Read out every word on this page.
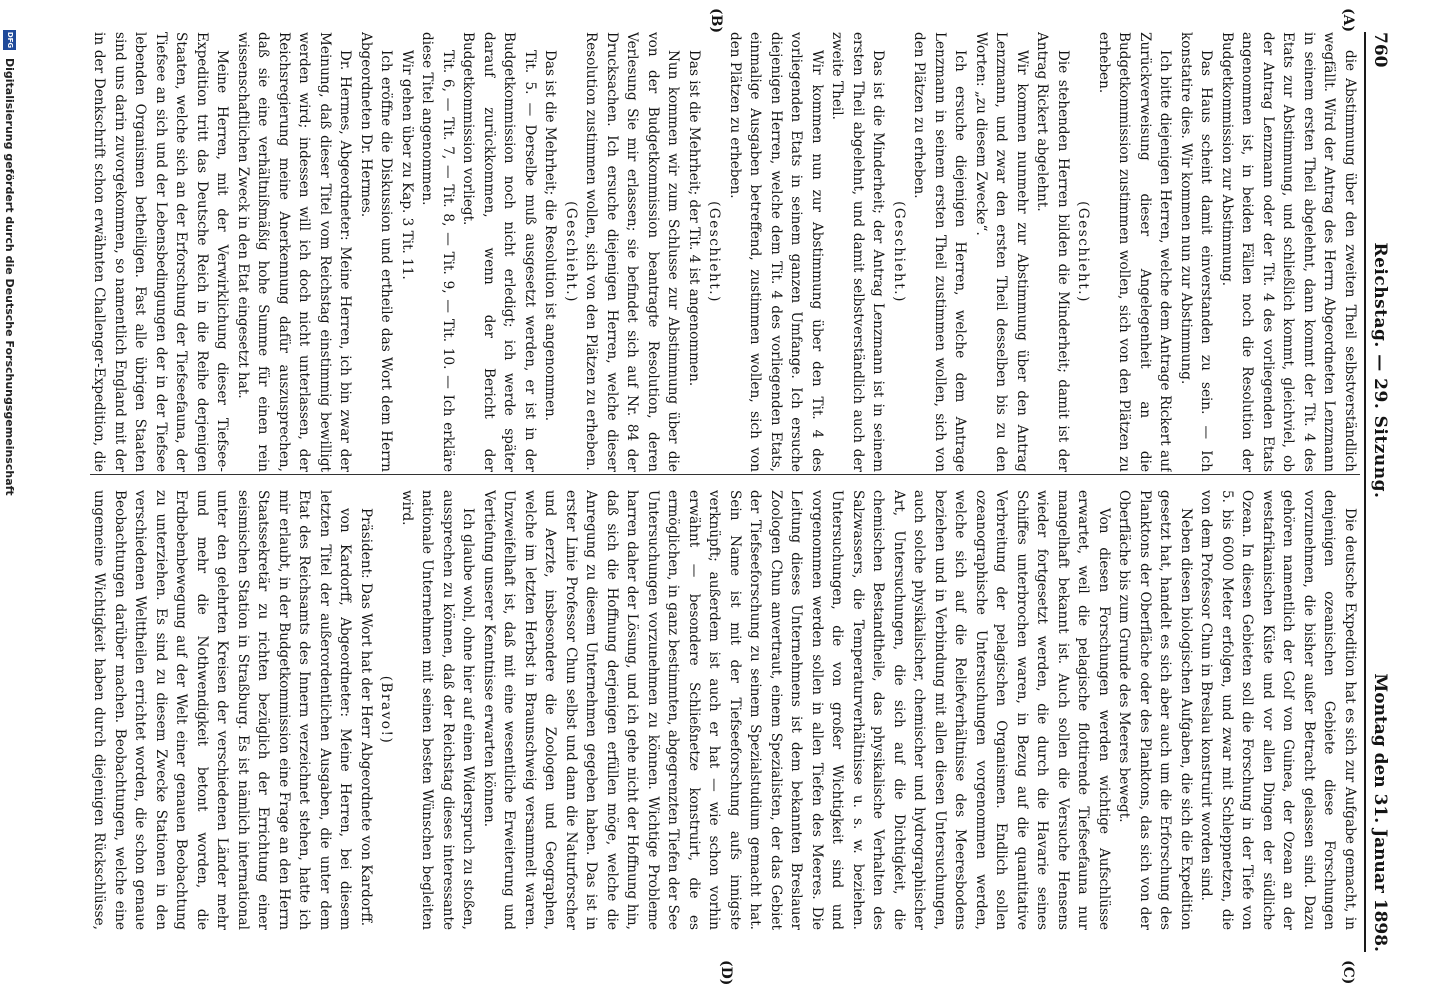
760
Reichstag. — 29. Sitzung.
Montag den 31. Januar 1898.
(A)
(B)
(C)
(D)

die Abstimmung über den zweiten Theil selbstverständlich wegfällt. Wird der Antrag des Herrn Abgeordneten Lenzmann in seinem ersten Theil abgelehnt, dann kommt der Tit. 4 des Etats zur Abstimmung, und schließlich kommt, gleichviel, ob der Antrag Lenzmann oder der Tit. 4 des vorliegenden Etats angenommen ist, in beiden Fällen noch die Resolution der Budgetkommission zur Abstimmung.

Das Haus scheint damit einverstanden zu sein. — Ich konstatire dies. Wir kommen nun zur Abstimmung.

Ich bitte diejenigen Herren, welche dem Antrage Rickert auf Zurückverweisung dieser Angelegenheit an die Budgetkommission zustimmen wollen, sich von den Plätzen zu erheben.

(Geschieht.)

Die stehenden Herren bilden die Minderheit; damit ist der Antrag Rickert abgelehnt.

Wir kommen nunmehr zur Abstimmung über den Antrag Lenzmann, und zwar den ersten Theil desselben bis zu den Worten: „zu diesem Zwecke“.

Ich ersuche diejenigen Herren, welche dem Antrage Lenzmann in seinem ersten Theil zustimmen wollen, sich von den Plätzen zu erheben.

(Geschieht.)

Das ist die Minderheit; der Antrag Lenzmann ist in seinem ersten Theil abgelehnt, und damit selbstverständlich auch der zweite Theil.

Wir kommen nun zur Abstimmung über den Tit. 4 des vorliegenden Etats in seinem ganzen Umfange. Ich ersuche diejenigen Herren, welche dem Tit. 4 des vorliegenden Etats, einmalige Ausgaben betreffend, zustimmen wollen, sich von den Plätzen zu erheben.

(Geschieht.)

Das ist die Mehrheit; der Tit. 4 ist angenommen.

Nun kommen wir zum Schlusse zur Abstimmung über die von der Budgetkommission beantragte Resolution, deren Verlesung Sie mir erlassen; sie befindet sich auf Nr. 84 der Drucksachen. Ich ersuche diejenigen Herren, welche dieser Resolution zustimmen wollen, sich von den Plätzen zu erheben.

(Geschieht.)

Das ist die Mehrheit; die Resolution ist angenommen.

Tit. 5. — Derselbe muß ausgesetzt werden, er ist in der Budgetkommission noch nicht erledigt; ich werde später darauf zurückkommen, wenn der Bericht der Budgetkommission vorliegt.

Tit. 6, — Tit. 7, — Tit. 8, — Tit. 9, — Tit. 10. — Ich erkläre diese Titel angenommen.

Wir gehen über zu Kap. 3 Tit. 11.

Ich eröffne die Diskussion und ertheile das Wort dem Herrn Abgeordneten Dr. Hermes.

Dr. Hermes, Abgeordneter: Meine Herren, ich bin zwar der Meinung, daß dieser Titel vom Reichstag einstimmig bewilligt werden wird; indessen will ich doch nicht unterlassen, der Reichsregierung meine Anerkennung dafür auszusprechen, daß sie eine verhältnißmäßig hohe Summe für einen rein wissenschaftlichen Zweck in den Etat eingesetzt hat.

Meine Herren, mit der Verwirklichung dieser Tiefsee-Expedition tritt das Deutsche Reich in die Reihe derjenigen Staaten, welche sich an der Erforschung der Tiefseefauna, der Tiefsee an sich und der Lebensbedingungen der in der Tiefsee lebenden Organismen betheiligen. Fast alle übrigen Staaten sind uns darin zuvorgekommen, so namentlich England mit der in der Denkschrift schon erwähnten Challenger-Expedition, die

Die deutsche Expedition hat es sich zur Aufgabe gemacht, in denjenigen ozeanischen Gebiete diese Forschungen vorzunehmen, die bisher außer Betracht gelassen sind. Dazu gehören namentlich der Golf von Guinea, der Ozean an der westafrikanischen Küste und vor allen Dingen der südliche Ozean. In diesen Gebieten soll die Forschung in der Tiefe von 5. bis 6000 Meter erfolgen, und zwar mit Schleppnetzen, die von dem Professor Chun in Breslau konstruirt worden sind.

Neben diesen biologischen Aufgaben, die sich die Expedition gesetzt hat, handelt es sich aber auch um die Erforschung des Planktons der Oberfläche oder des Planktons, das sich von der Oberfläche bis zum Grunde des Meeres bewegt.

Von diesen Forschungen werden wichtige Aufschlüsse erwartet, weil die pelagische flottirende Tiefseefauna nur mangelhaft bekannt ist. Auch sollen die Versuche Hensens wieder fortgesetzt werden, die durch die Havarie seines Schiffes unterbrochen waren, in Bezug auf die quantitative Verbreitung der pelagischen Organismen. Endlich sollen ozeanographische Untersuchungen vorgenommen werden, welche sich auf die Reliefverhältnisse des Meeresbodens beziehen und in Verbindung mit allen diesen Untersuchungen, auch solche physikalischer, chemischer und hydrographischer Art, Untersuchungen, die sich auf die Dichtigkeit, die chemischen Bestandtheile, das physikalische Verhalten des Salzwassers, die Temperaturverhältnisse u. s. w. beziehen. Untersuchungen, die von großer Wichtigkeit sind und vorgenommen werden sollen in allen Tiefen des Meeres. Die Leitung dieses Unternehmens ist dem bekannten Breslauer Zoologen Chun anvertraut, einem Spezialisten, der das Gebiet der Tiefseeforschung zu seinem Spezialstudium gemacht hat. Sein Name ist mit der Tiefseeforschung aufs innigste verknüpft; außerdem ist auch er hat — wie schon vorhin erwähnt — besondere Schließnetze konstruirt, die es ermöglichen, in ganz bestimmten, abgegrenzten Tiefen der See Untersuchungen vorzunehmen zu können. Wichtige Probleme harren daher der Lösung, und ich gehe nicht der Hoffnung hin, daß sich die Hoffnung derjenigen erfüllen möge, welche die Anregung zu diesem Unternehmen gegeben haben. Das ist in erster Linie Professor Chun selbst und dann die Naturforscher und Aerzte, insbesondere die Zoologen und Geographen, welche im letzten Herbst in Braunschweig versammelt waren. Unzweifelhaft ist, daß mit eine wesentliche Erweiterung und Vertiefung unserer Kenntnisse erwarten können.

Ich glaube wohl, ohne hier auf einen Widerspruch zu stoßen, aussprechen zu können, daß der Reichstag dieses interessante nationale Unternehmen mit seinen besten Wünschen begleiten wird.

(Bravo!)

Präsident: Das Wort hat der Herr Abgeordnete von Kardorff.

von Kardorff, Abgeordneter: Meine Herren, bei diesem letzten Titel der außerordentlichen Ausgaben, die unter dem Etat des Reichsamts des Innern verzeichnet stehen, hatte ich mir erlaubt, in der Budgetkommission eine Frage an den Herrn Staatssekretär zu richten bezüglich der Errichtung einer seismischen Station in Straßburg. Es ist nämlich international unter den gelehrten Kreisen der verschiedenen Länder mehr und mehr die Nothwendigkeit betont worden, die Erdbebenbewegung auf der Welt einer genauen Beobachtung zu unterziehen. Es sind zu diesem Zwecke Stationen in den verschiedenen Welttheilen errichtet worden, die schon genaue Beobachtungen darüber machen. Beobachtungen, welche eine ungemeine Wichtigkeit haben durch diejenigen Rückschlüsse,

DFG
Digitalisierung gefördert durch die Deutsche Forschungsgemeinschaft
